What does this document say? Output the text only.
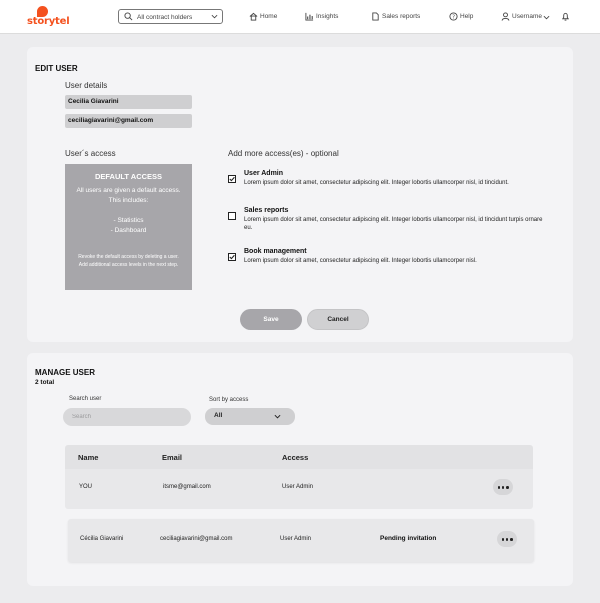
storytel	All contract holders	Home	Insights	Sales reports	? Help	Username
EDIT USER
User details
Cecilia Giavarini
ceciliagiavarini@gmail.com
User´s access
DEFAULT ACCESS
All users are given a default access. This includes:
- Statistics
- Dashboard
Revoke the default access by deleting a user. Add additional access levels in the next step.
Add more access(es) - optional
User Admin
Lorem ipsum dolor sit amet, consectetur adipiscing elit. Integer lobortis ullamcorper nisl, id tincidunt.
Sales reports
Lorem ipsum dolor sit amet, consectetur adipiscing elit. Integer lobortis ullamcorper nisl, id tincidunt turpis ornare eu.
Book management
Lorem ipsum dolor sit amet, consectetur adipiscing elit. Integer lobortis ullamcorper nisl.
Save	Cancel
MANAGE USER
2 total
Search user
Search	Sort by access
All
Name	Email	Access
YOU	itsme@gmail.com	User Admin
Cécilia Giavarini	ceciliagiavarini@gmail.com	User Admin	Pending invitation
